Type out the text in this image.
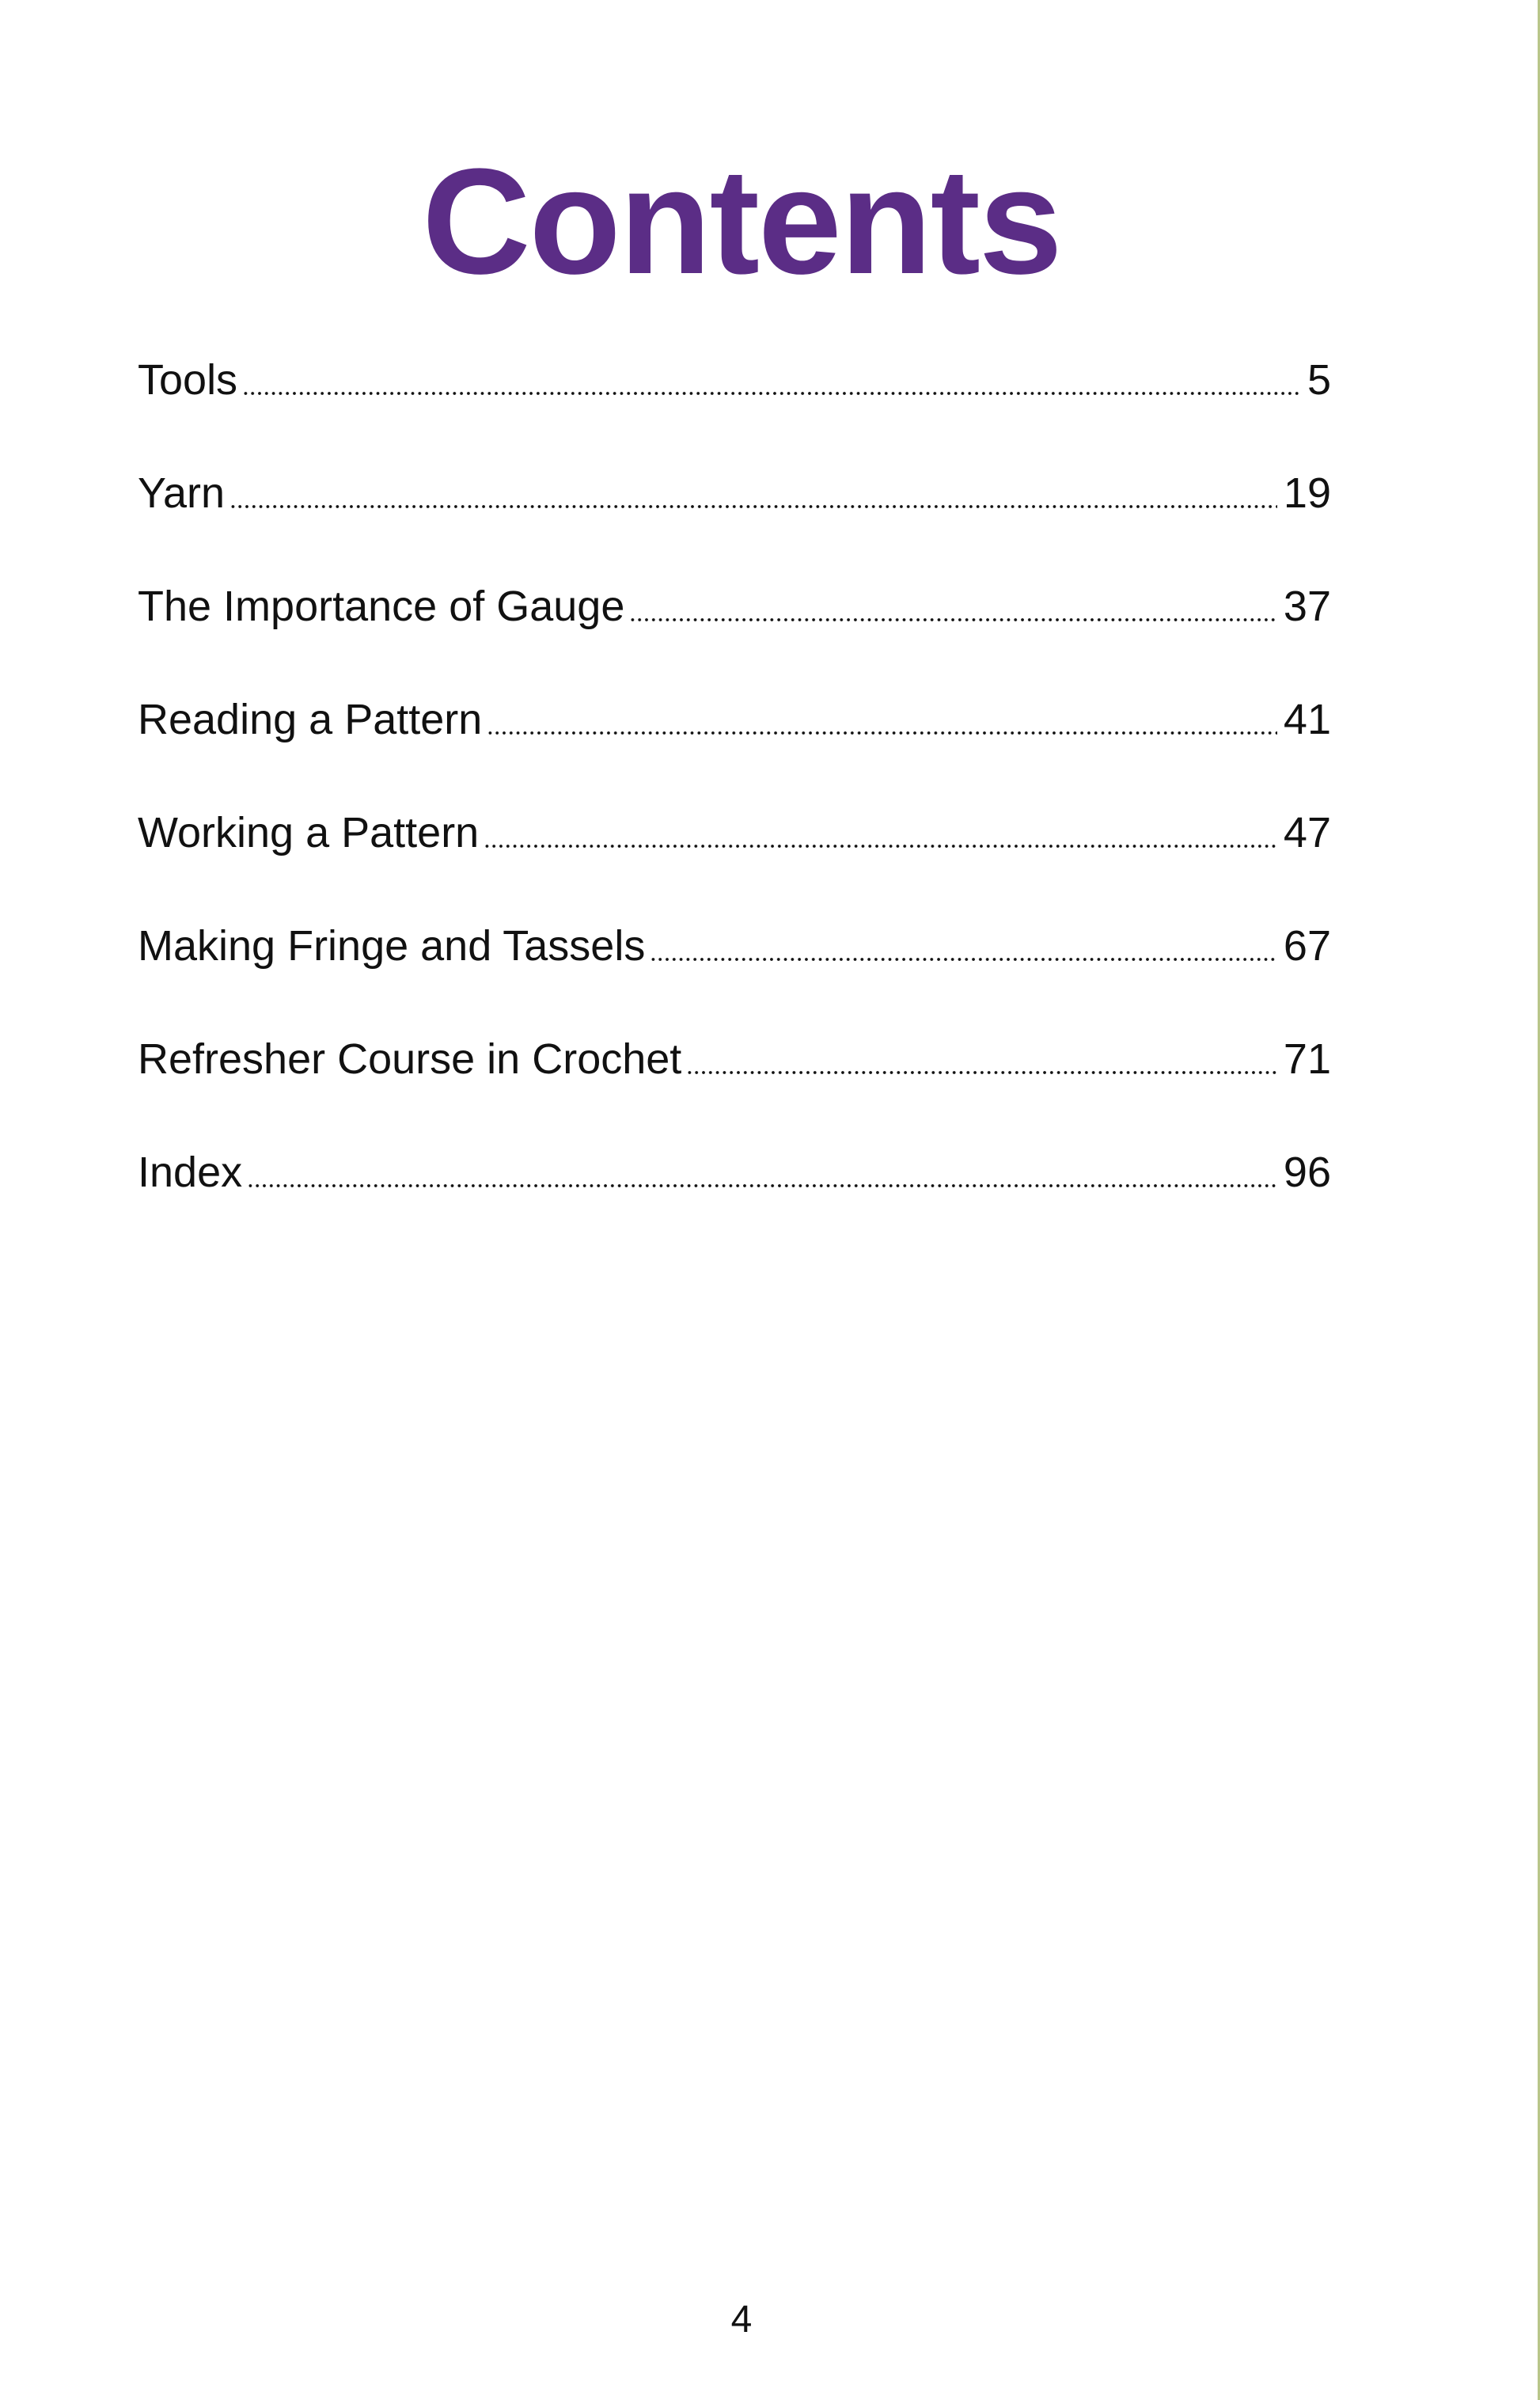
Contents
Tools	5
Yarn	19
The Importance of Gauge	37
Reading a Pattern	41
Working a Pattern	47
Making Fringe and Tassels	67
Refresher Course in Crochet	71
Index	96
4
